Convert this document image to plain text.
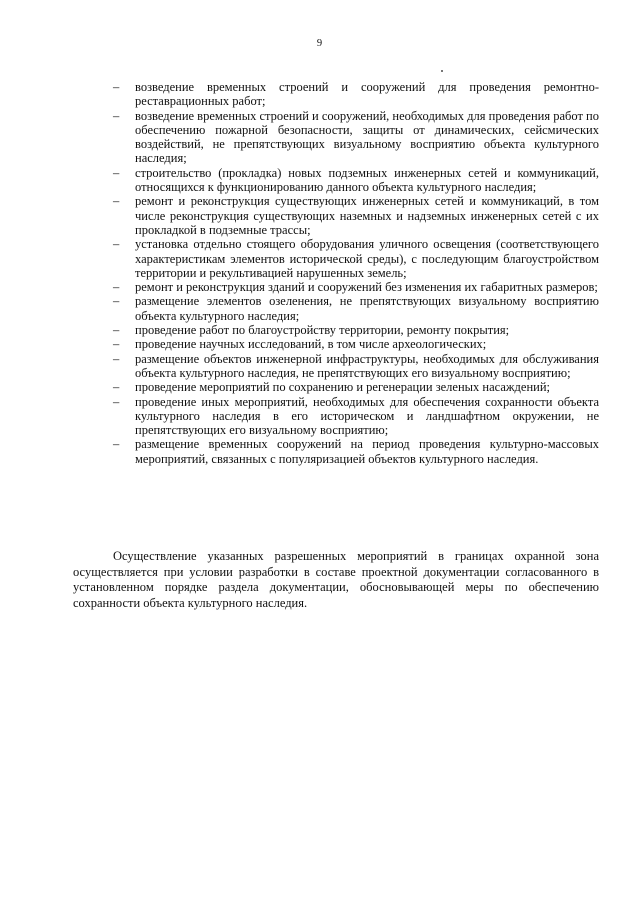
9
–	возведение временных строений и сооружений для проведения ремонтно-реставрационных работ;
–	возведение временных строений и сооружений, необходимых для проведения работ по обеспечению пожарной безопасности, защиты от динамических, сейсмических воздействий, не препятствующих визуальному восприятию объекта культурного наследия;
–	строительство (прокладка) новых подземных инженерных сетей и коммуникаций, относящихся к функционированию данного объекта культурного наследия;
–	ремонт и реконструкция существующих инженерных сетей и коммуникаций, в том числе реконструкция существующих наземных и надземных инженерных сетей с их прокладкой в подземные трассы;
–	установка отдельно стоящего оборудования уличного освещения (соответствующего характеристикам элементов исторической среды), с последующим благоустройством территории и рекультивацией нарушенных земель;
–	ремонт и реконструкция зданий и сооружений без изменения их габаритных размеров;
–	размещение элементов озеленения, не препятствующих визуальному восприятию объекта культурного наследия;
–	проведение работ по благоустройству территории, ремонту покрытия;
–	проведение научных исследований, в том числе археологических;
–	размещение объектов инженерной инфраструктуры, необходимых для обслуживания объекта культурного наследия, не препятствующих его визуальному восприятию;
–	проведение мероприятий по сохранению и регенерации зеленых насаждений;
–	проведение иных мероприятий, необходимых для обеспечения сохранности объекта культурного наследия в его историческом и ландшафтном окружении, не препятствующих его визуальному восприятию;
–	размещение временных сооружений на период проведения культурно-массовых мероприятий, связанных с популяризацией объектов культурного наследия.

Осуществление указанных разрешенных мероприятий в границах охранной зона осуществляется при условии разработки в составе проектной документации согласованного в установленном порядке раздела документации, обосновывающей меры по обеспечению сохранности объекта культурного наследия.
